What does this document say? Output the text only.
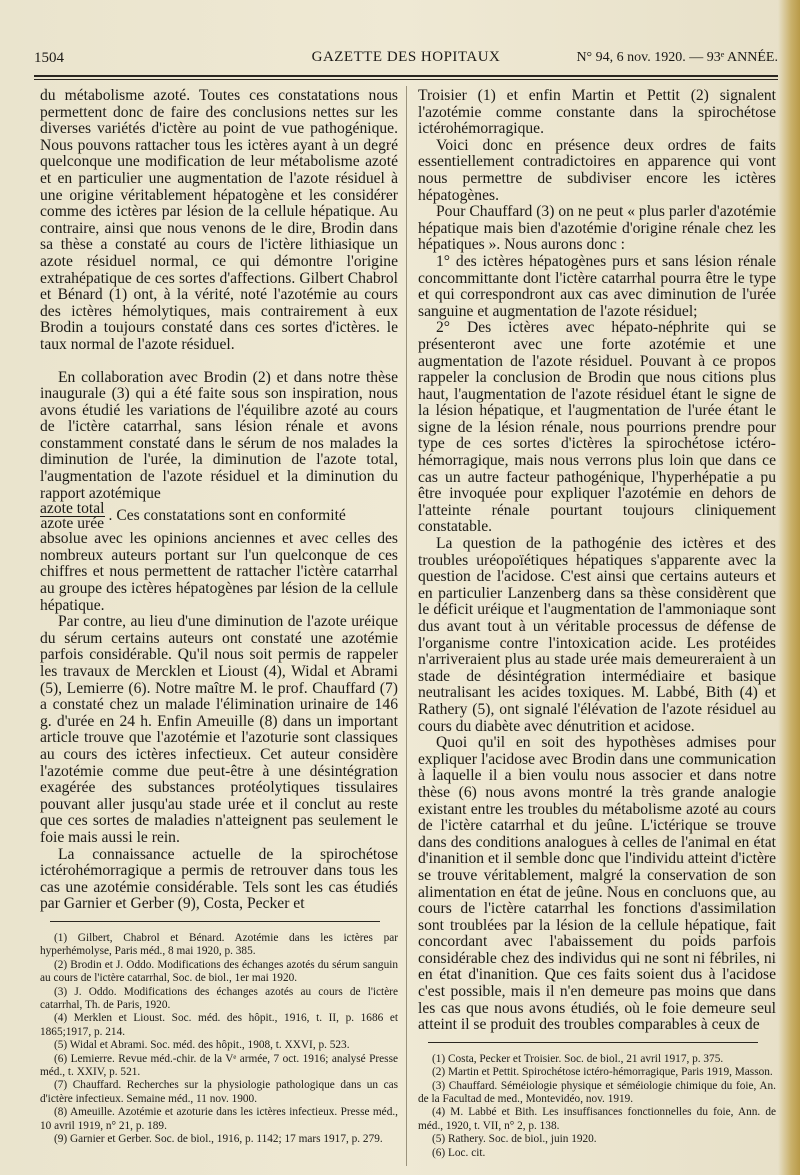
1504	GAZETTE DES HOPITAUX	N° 94, 6 nov. 1920. — 93ᵉ ANNÉE.

du métabolisme azoté. Toutes ces constatations nous permettent donc de faire des conclusions nettes sur les diverses variétés d'ictère au point de vue pathogénique. Nous pouvons rattacher tous les ictères ayant à un degré quelconque une modification de leur métabolisme azoté et en particulier une augmentation de l'azote résiduel à une origine véritablement hépatogène et les considérer comme des ictères par lésion de la cellule hépatique. Au contraire, ainsi que nous venons de le dire, Brodin dans sa thèse a constaté au cours de l'ictère lithiasique un azote résiduel normal, ce qui démontre l'origine extrahépatique de ces sortes d'affections. Gilbert Chabrol et Bénard (1) ont, à la vérité, noté l'azotémie au cours des ictères hémolytiques, mais contrairement à eux Brodin a toujours constaté dans ces sortes d'ictères. le taux normal de l'azote résiduel.

En collaboration avec Brodin (2) et dans notre thèse inaugurale (3) qui a été faite sous son inspiration, nous avons étudié les variations de l'équilibre azoté au cours de l'ictère catarrhal, sans lésion rénale et avons constamment constaté dans le sérum de nos malades la diminution de l'urée, la diminution de l'azote total, l'augmentation de l'azote résiduel et la diminution du rapport azotémique

$\frac{\text{azote total}}{\text{azote urée}}$ . Ces constatations sont en conformité

absolue avec les opinions anciennes et avec celles des nombreux auteurs portant sur l'un quelconque de ces chiffres et nous permettent de rattacher l'ictère catarrhal au groupe des ictères hépatogènes par lésion de la cellule hépatique.

Par contre, au lieu d'une diminution de l'azote uréique du sérum certains auteurs ont constaté une azotémie parfois considérable. Qu'il nous soit permis de rappeler les travaux de Mercklen et Lioust (4), Widal et Abrami (5), Lemierre (6). Notre maître M. le prof. Chauffard (7) a constaté chez un malade l'élimination urinaire de 146 g. d'urée en 24 h. Enfin Ameuille (8) dans un important article trouve que l'azotémie et l'azoturie sont classiques au cours des ictères infectieux. Cet auteur considère l'azotémie comme due peut-être à une désintégration exagérée des substances protéolytiques tissulaires pouvant aller jusqu'au stade urée et il conclut au reste que ces sortes de maladies n'atteignent pas seulement le foie mais aussi le rein.

La connaissance actuelle de la spirochétose ictérohémorragique a permis de retrouver dans tous les cas une azotémie considérable. Tels sont les cas étudiés par Garnier et Gerber (9), Costa, Pecker et

(1) Gilbert, Chabrol et Bénard. Azotémie dans les ictères par hyperhémolyse, Paris méd., 8 mai 1920, p. 385.

(2) Brodin et J. Oddo. Modifications des échanges azotés du sérum sanguin au cours de l'ictère catarrhal, Soc. de biol., 1er mai 1920.

(3) J. Oddo. Modifications des échanges azotés au cours de l'ictère catarrhal, Th. de Paris, 1920.

(4) Merklen et Lioust. Soc. méd. des hôpit., 1916, t. II, p. 1686 et 1865;1917, p. 214.

(5) Widal et Abrami. Soc. méd. des hôpit., 1908, t. XXVI, p. 523.

(6) Lemierre. Revue méd.-chir. de la Vᵉ armée, 7 oct. 1916; analysé Presse méd., t. XXIV, p. 521.

(7) Chauffard. Recherches sur la physiologie pathologique dans un cas d'ictère infectieux. Semaine méd., 11 nov. 1900.

(8) Ameuille. Azotémie et azoturie dans les ictères infectieux. Presse méd., 10 avril 1919, n° 21, p. 189.

(9) Garnier et Gerber. Soc. de biol., 1916, p. 1142; 17 mars 1917, p. 279.

Troisier (1) et enfin Martin et Pettit (2) signalent l'azotémie comme constante dans la spirochétose ictérohémorragique.

Voici donc en présence deux ordres de faits essentiellement contradictoires en apparence qui vont nous permettre de subdiviser encore les ictères hépatogènes.

Pour Chauffard (3) on ne peut « plus parler d'azotémie hépatique mais bien d'azotémie d'origine rénale chez les hépatiques ». Nous aurons donc :

1° des ictères hépatogènes purs et sans lésion rénale concommittante dont l'ictère catarrhal pourra être le type et qui correspondront aux cas avec diminution de l'urée sanguine et augmentation de l'azote résiduel;

2° Des ictères avec hépato-néphrite qui se présenteront avec une forte azotémie et une augmentation de l'azote résiduel. Pouvant à ce propos rappeler la conclusion de Brodin que nous citions plus haut, l'augmentation de l'azote résiduel étant le signe de la lésion hépatique, et l'augmentation de l'urée étant le signe de la lésion rénale, nous pourrions prendre pour type de ces sortes d'ictères la spirochétose ictéro-hémorragique, mais nous verrons plus loin que dans ce cas un autre facteur pathogénique, l'hyperhépatie a pu être invoquée pour expliquer l'azotémie en dehors de l'atteinte rénale pourtant toujours cliniquement constatable.

La question de la pathogénie des ictères et des troubles uréopoïétiques hépatiques s'apparente avec la question de l'acidose. C'est ainsi que certains auteurs et en particulier Lanzenberg dans sa thèse considèrent que le déficit uréique et l'augmentation de l'ammoniaque sont dus avant tout à un véritable processus de défense de l'organisme contre l'intoxication acide. Les protéides n'arriveraient plus au stade urée mais demeureraient à un stade de désintégration intermédiaire et basique neutralisant les acides toxiques. M. Labbé, Bith (4) et Rathery (5), ont signalé l'élévation de l'azote résiduel au cours du diabète avec dénutrition et acidose.

Quoi qu'il en soit des hypothèses admises pour expliquer l'acidose avec Brodin dans une communication à laquelle il a bien voulu nous associer et dans notre thèse (6) nous avons montré la très grande analogie existant entre les troubles du métabolisme azoté au cours de l'ictère catarrhal et du jeûne. L'ictérique se trouve dans des conditions analogues à celles de l'animal en état d'inanition et il semble donc que l'individu atteint d'ictère se trouve véritablement, malgré la conservation de son alimentation en état de jeûne. Nous en concluons que, au cours de l'ictère catarrhal les fonctions d'assimilation sont troublées par la lésion de la cellule hépatique, fait concordant avec l'abaissement du poids parfois considérable chez des individus qui ne sont ni fébriles, ni en état d'inanition. Que ces faits soient dus à l'acidose c'est possible, mais il n'en demeure pas moins que dans les cas que nous avons étudiés, où le foie demeure seul atteint il se produit des troubles comparables à ceux de

(1) Costa, Pecker et Troisier. Soc. de biol., 21 avril 1917, p. 375.

(2) Martin et Pettit. Spirochétose ictéro-hémorragique, Paris 1919, Masson.

(3) Chauffard. Séméiologie physique et séméiologie chimique du foie, An. de la Facultad de med., Montevidéo, nov. 1919.

(4) M. Labbé et Bith. Les insuffisances fonctionnelles du foie, Ann. de méd., 1920, t. VII, n° 2, p. 138.

(5) Rathery. Soc. de biol., juin 1920.

(6) Loc. cit.
